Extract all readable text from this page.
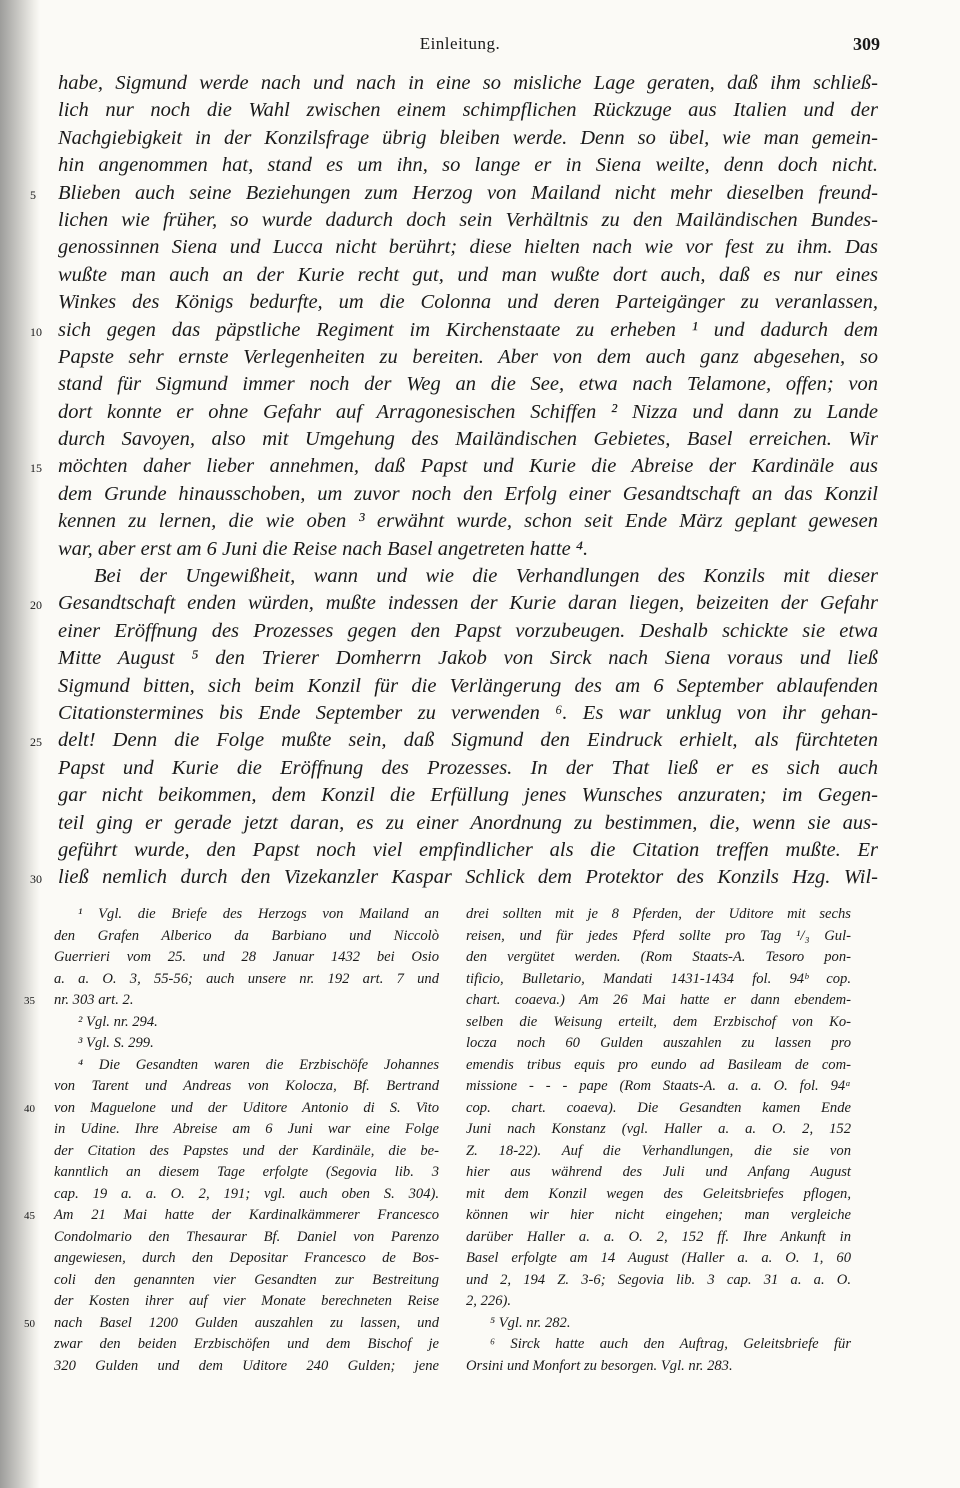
Einleitung.	309
habe, Sigmund werde nach und nach in eine so misliche Lage geraten, daß ihm schließ-
lich nur noch die Wahl zwischen einem schimpflichen Rückzuge aus Italien und der
Nachgiebigkeit in der Konzilsfrage übrig bleiben werde. Denn so übel, wie man gemein-
hin angenommen hat, stand es um ihn, so lange er in Siena weilte, denn doch nicht.
5	Blieben auch seine Beziehungen zum Herzog von Mailand nicht mehr dieselben freund-
lichen wie früher, so wurde dadurch doch sein Verhältnis zu den Mailändischen Bundes-
genossinnen Siena und Lucca nicht berührt; diese hielten nach wie vor fest zu ihm. Das
wußte man auch an der Kurie recht gut, und man wußte dort auch, daß es nur eines
Winkes des Königs bedurfte, um die Colonna und deren Parteigänger zu veranlassen,
10 sich gegen das päpstliche Regiment im Kirchenstaate zu erheben ¹ und dadurch dem
Papste sehr ernste Verlegenheiten zu bereiten. Aber von dem auch ganz abgesehen, so
stand für Sigmund immer noch der Weg an die See, etwa nach Telamone, offen; von
dort konnte er ohne Gefahr auf Arragonesischen Schiffen ² Nizza und dann zu Lande
durch Savoyen, also mit Umgehung des Mailändischen Gebietes, Basel erreichen. Wir
15 möchten daher lieber annehmen, daß Papst und Kurie die Abreise der Kardinäle aus
dem Grunde hinausschoben, um zuvor noch den Erfolg einer Gesandtschaft an das Konzil
kennen zu lernen, die wie oben ³ erwähnt wurde, schon seit Ende März geplant gewesen
war, aber erst am 6 Juni die Reise nach Basel angetreten hatte ⁴.
Bei der Ungewißheit, wann und wie die Verhandlungen des Konzils mit dieser
20 Gesandtschaft enden würden, mußte indessen der Kurie daran liegen, beizeiten der Gefahr
einer Eröffnung des Prozesses gegen den Papst vorzubeugen. Deshalb schickte sie etwa
Mitte August ⁵ den Trierer Domherrn Jakob von Sirck nach Siena voraus und ließ
Sigmund bitten, sich beim Konzil für die Verlängerung des am 6 September ablaufenden
Citationstermines bis Ende September zu verwenden ⁶. Es war unklug von ihr gehan-
25 delt! Denn die Folge mußte sein, daß Sigmund den Eindruck erhielt, als fürchteten
Papst und Kurie die Eröffnung des Prozesses. In der That ließ er es sich auch
gar nicht beikommen, dem Konzil die Erfüllung jenes Wunsches anzuraten; im Gegen-
teil ging er gerade jetzt daran, es zu einer Anordnung zu bestimmen, die, wenn sie aus-
geführt wurde, den Papst noch viel empfindlicher als die Citation treffen mußte. Er
30 ließ nemlich durch den Vizekanzler Kaspar Schlick dem Protektor des Konzils Hzg. Wil-
¹ Vgl. die Briefe des Herzogs von Mailand an
den Grafen Alberico da Barbiano und Niccolò
Guerrieri vom 25. und 28 Januar 1432 bei Osio
a. a. O. 3, 55-56; auch unsere nr. 192 art. 7 und
35	nr. 303 art. 2.
² Vgl. nr. 294.
³ Vgl. S. 299.
⁴ Die Gesandten waren die Erzbischöfe Johannes
von Tarent und Andreas von Kolocza, Bf. Bertrand
40	von Maguelone und der Uditore Antonio di S. Vito
in Udine. Ihre Abreise am 6 Juni war eine Folge
der Citation des Papstes und der Kardinäle, die be-
kanntlich an diesem Tage erfolgte (Segovia lib. 3
cap. 19 a. a. O. 2, 191; vgl. auch oben S. 304).
45	Am 21 Mai hatte der Kardinalkämmerer Francesco
Condolmario den Thesaurar Bf. Daniel von Parenzo
angewiesen, durch den Depositar Francesco de Bos-
coli den genannten vier Gesandten zur Bestreitung
der Kosten ihrer auf vier Monate berechneten Reise
50	nach Basel 1200 Gulden auszahlen zu lassen, und
zwar den beiden Erzbischöfen und dem Bischof je
320 Gulden und dem Uditore 240 Gulden; jene
drei sollten mit je 8 Pferden, der Uditore mit sechs
reisen, und für jedes Pferd sollte pro Tag ¹/₃ Gul-
den vergütet werden. (Rom Staats-A. Tesoro pon-
tificio, Bulletario, Mandati 1431-1434 fol. 94ᵇ cop.
chart. coaeva.) Am 26 Mai hatte er dann ebendem-
selben die Weisung erteilt, dem Erzbischof von Ko-
locza noch 60 Gulden auszahlen zu lassen pro
emendis tribus equis pro eundo ad Basileam de com-
missione - - - pape (Rom Staats-A. a. a. O. fol. 94ᵃ
cop. chart. coaeva). Die Gesandten kamen Ende
Juni nach Konstanz (vgl. Haller a. a. O. 2, 152
Z. 18-22). Auf die Verhandlungen, die sie von
hier aus während des Juli und Anfang August
mit dem Konzil wegen des Geleitsbriefes pflogen,
können wir hier nicht eingehen; man vergleiche
darüber Haller a. a. O. 2, 152 ff. Ihre Ankunft in
Basel erfolgte am 14 August (Haller a. a. O. 1, 60
und 2, 194 Z. 3-6; Segovia lib. 3 cap. 31 a. a. O.
2, 226).
⁵ Vgl. nr. 282.
⁶ Sirck hatte auch den Auftrag, Geleitsbriefe für
Orsini und Monfort zu besorgen. Vgl. nr. 283.
